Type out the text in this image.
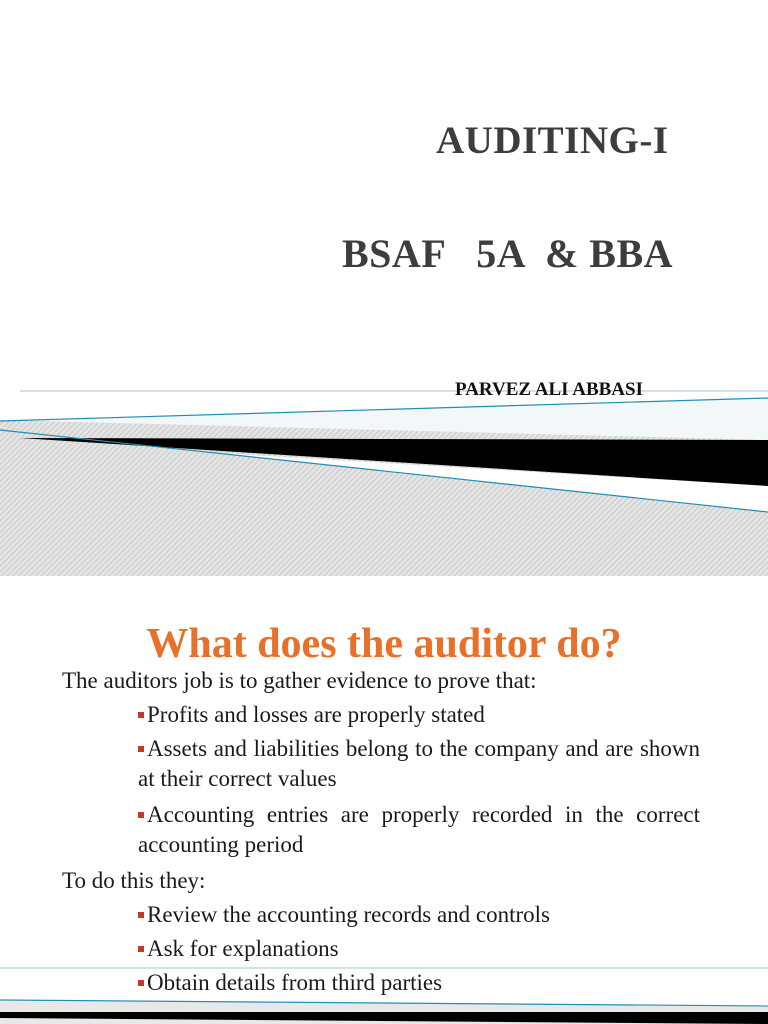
AUDITING-I
BSAF   5A  & BBA
PARVEZ ALI ABBASI
What does the auditor do?
The auditors job is to gather evidence to prove that:
Profits and losses are properly stated
Assets and liabilities belong to the company and are shown at their correct values
Accounting entries are properly recorded in the correct accounting period
To do this they:
Review the accounting records and controls
Ask for explanations
Obtain details from third parties
